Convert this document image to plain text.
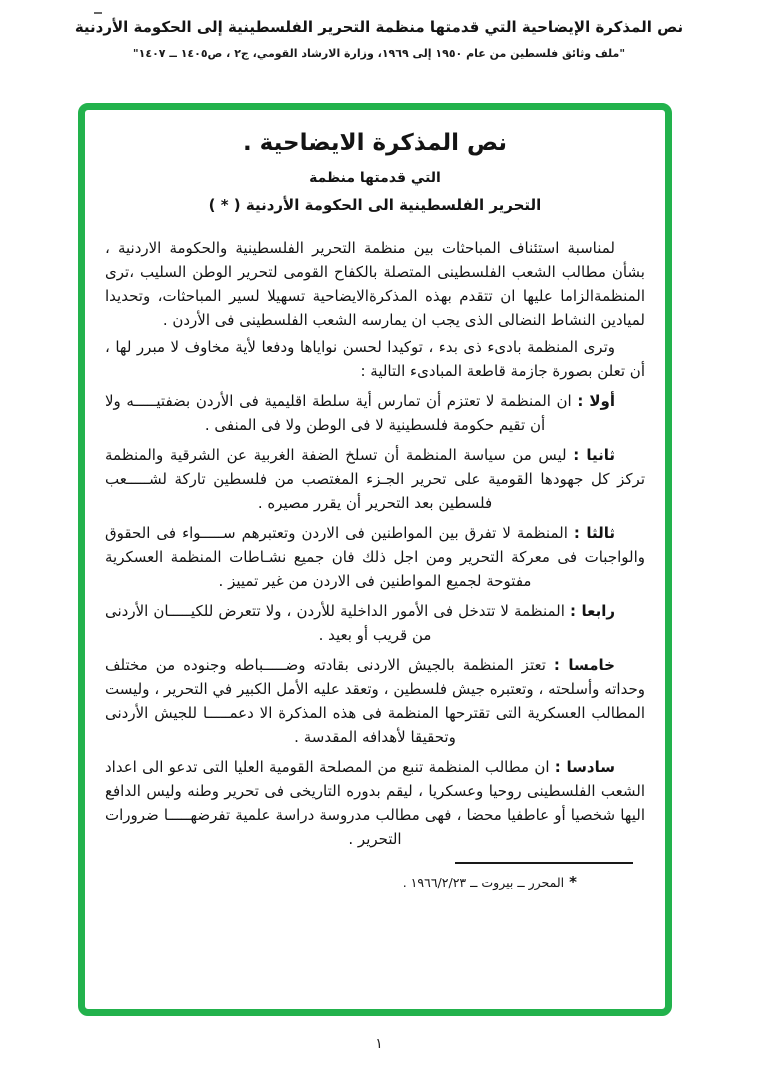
نص المذكرة الإيضاحية التي قدمتها منظمة التحرير الفلسطينية إلى الحكومة الأردنية
"ملف وثائق فلسطين من عام ١٩٥٠ إلى ١٩٦٩، وزارة الارشاد القومي، ج٢ ، ص١٤٠٥ ــ ١٤٠٧"
نص المذكرة الايضاحية .
التي قدمتها منظمة
التحرير الفلسطينية الى الحكومة الأردنية ( * )

لمناسبة استئناف المباحثات بين منظمة التحرير الفلسطينية والحكومة الاردنية ، بشأن مطالب الشعب الفلسطينى المتصلة بالكفاح القومى لتحرير الوطن السليب ،ترى المنظمةالزاما عليها ان تتقدم بهذه المذكرةالايضاحية تسهيلا لسير المباحثات، وتحديدا لميادين النشاط النضالى الذى يجب ان يمارسه الشعب الفلسطينى فى الأردن .

وترى المنظمة بادىء ذى بدء ، توكيدا لحسن نواياها ودفعا لأية مخاوف لا مبرر لها ، أن تعلن بصورة جازمة قاطعة المبادىء التالية :

أولا : ان المنظمة لا تعتزم أن تمارس أية سلطة اقليمية فى الأردن بضفتيـــــه ولا أن تقيم حكومة فلسطينية لا فى الوطن ولا فى المنفى .

ثانيا : ليس من سياسة المنظمة أن تسلخ الضفة الغربية عن الشرقية والمنظمة تركز كل جهودها القومية على تحرير الجـزء المغتصب من فلسطين تاركة لشـــــعب فلسطين بعد التحرير أن يقرر مصيره .

ثالثا : المنظمة لا تفرق بين المواطنين فى الاردن وتعتبرهم ســـــواء فى الحقوق والواجبات فى معركة التحرير ومن اجل ذلك فان جميع نشـاطات المنظمة العسكرية مفتوحة لجميع المواطنين فى الاردن من غير تمييز .

رابعا : المنظمة لا تتدخل فى الأمور الداخلية للأردن ، ولا تتعرض للكيـــــان الأردنى من قريب أو بعيد .

خامسا : تعتز المنظمة بالجيش الاردنى بقادته وضـــــباطه وجنوده من مختلف وحداته وأسلحته ، وتعتبره جيش فلسطين ، وتعقد عليه الأمل الكبير في التحرير ، وليست المطالب العسكرية التى تقترحها المنظمة فى هذه المذكرة الا دعمـــــا للجيش الأردنى وتحقيقا لأهدافه المقدسة .

سادسا : ان مطالب المنظمة تنبع من المصلحة القومية العليا التى تدعو الى اعداد الشعب الفلسطينى روحيا وعسكريا ، ليقم بدوره التاريخى فى تحرير وطنه وليس الدافع اليها شخصيا أو عاطفيا محضا ، فهى مطالب مدروسة دراسة علمية تفرضهـــــا ضرورات التحرير .

*المحرر ــ بيروت ــ ٢٣‏/‏٢‏/‏١٩٦٦ .
١
